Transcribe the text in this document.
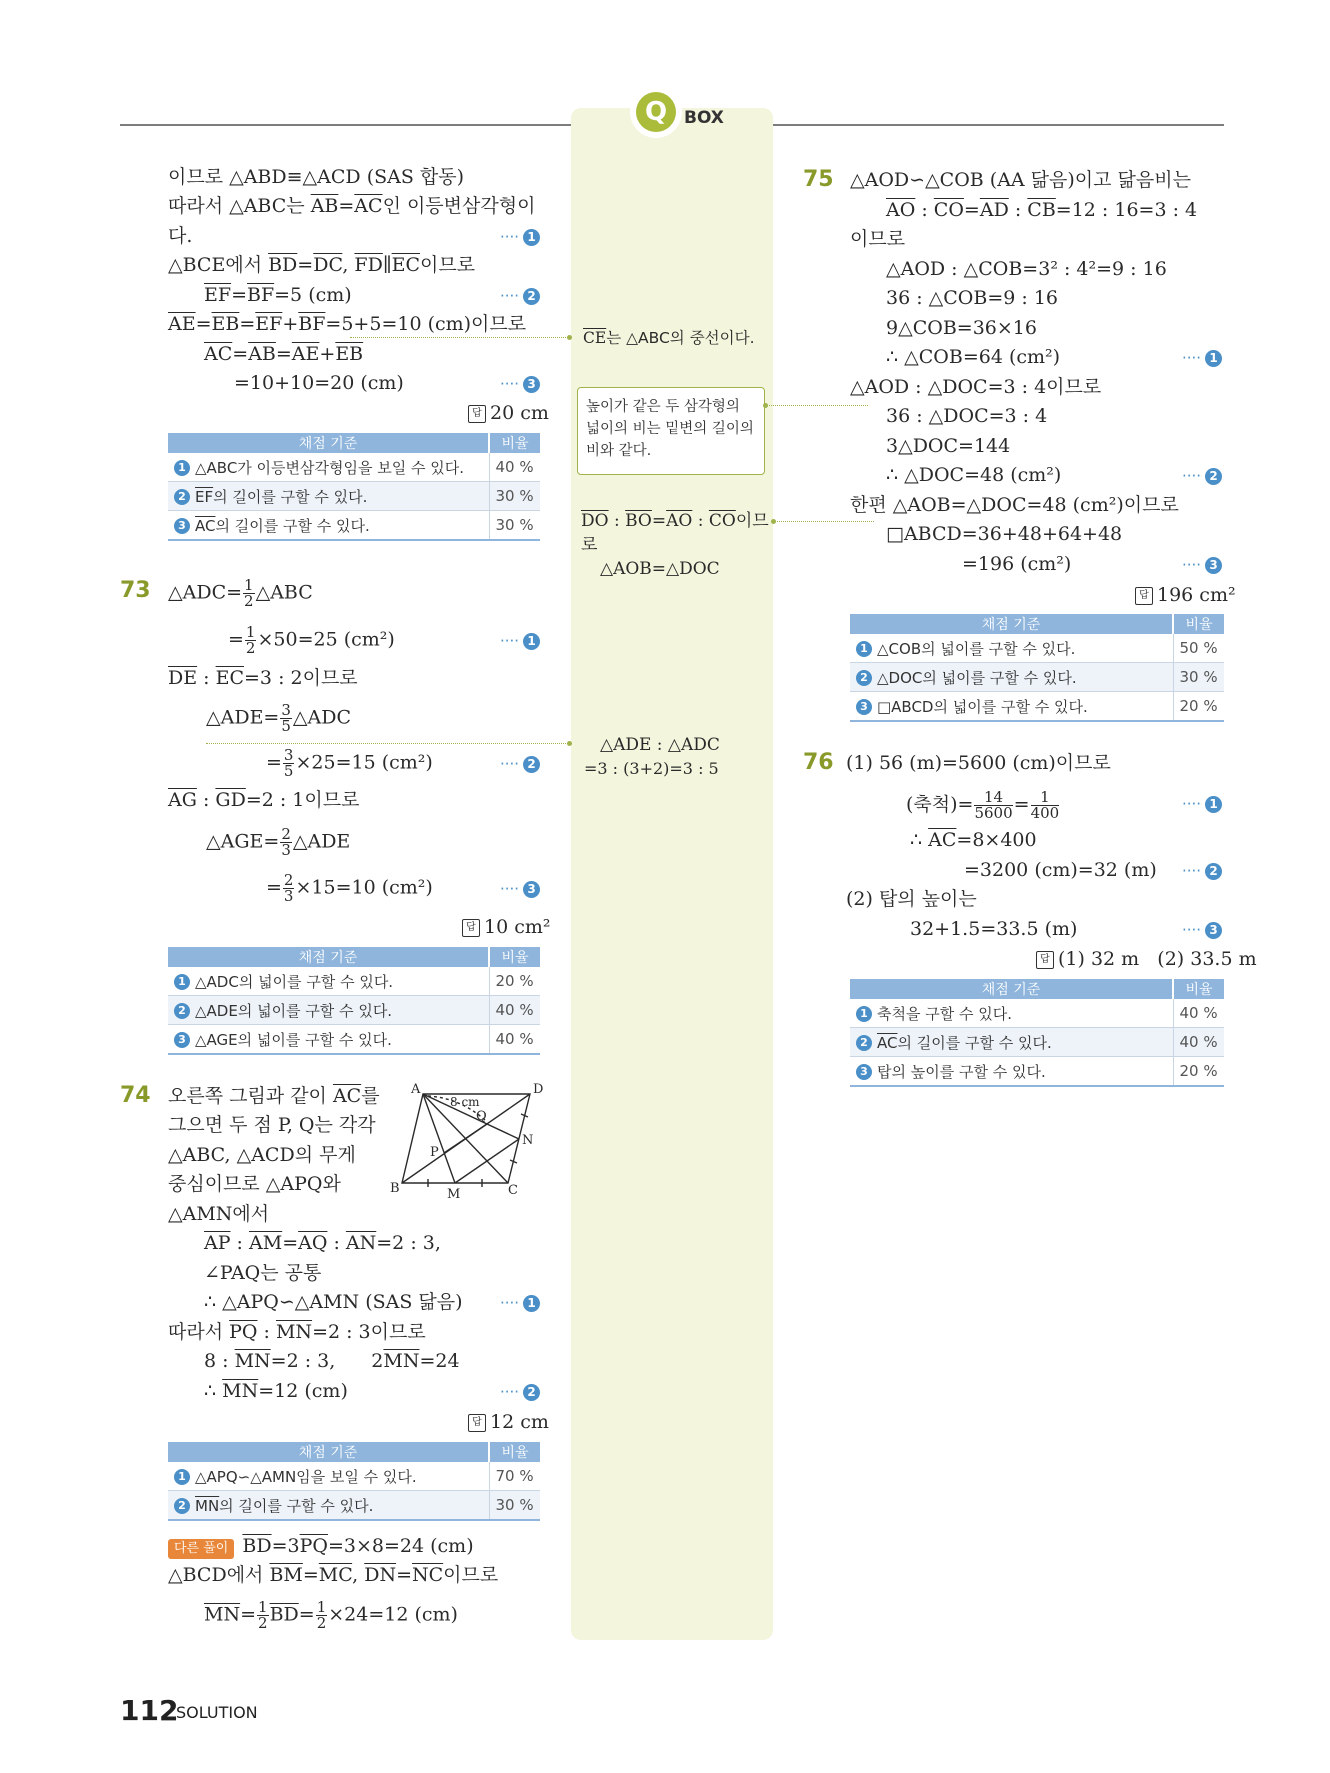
Q BOX
이므로 △ABD≡△ACD (SAS 합동)
따라서 △ABC는 $\overline{AB}=\overline{AC}$인 이등변삼각형이
다.
△BCE에서 $\overline{BD}=\overline{DC}$, $\overline{FD}\parallel\overline{EC}$이므로
$\overline{EF}=\overline{BF}=5$ (cm)
$\overline{AE}=\overline{EB}=\overline{EF}+\overline{BF}=5+5=10$ (cm)이므로
$\overline{AC}=\overline{AB}=\overline{AE}+\overline{EB}$
=10+10=20 (cm)
···· 1
···· 2
···· 3
답 20 cm
채점 기준	비율
1 △ABC가 이등변삼각형임을 보일 수 있다.	40 %
2 $\overline{EF}$의 길이를 구할 수 있다.	30 %
3 $\overline{AC}$의 길이를 구할 수 있다.	30 %
73 △ADC= $\frac{1}{2}$ △ABC
= $\frac{1}{2} \times 50=25$ (cm²)
$\overline{DE}$ : $\overline{EC}=3$ : 2이므로
△ADE= $\frac{3}{5}$ △ADC
= $\frac{3}{5} \times 25=15$ (cm²)
$\overline{AG}$ : $\overline{GD}=2$ : 1이므로
△AGE= $\frac{2}{3}$ △ADE
= $\frac{2}{3} \times 15=10$ (cm²)
···· 1
···· 2
···· 3
답 10 cm²
채점 기준	비율
1 △ADC의 넓이를 구할 수 있다.	20 %
2 △ADE의 넓이를 구할 수 있다.	40 %
3 △AGE의 넓이를 구할 수 있다.	40 %
74 오른쪽 그림과 같이 $\overline{AC}$를
그으면 두 점 P, Q는 각각
△ABC, △ACD의 무게
중심이므로 △APQ와
△AMN에서
$\overline{AP}$ : $\overline{AM}=\overline{AQ}$ : $\overline{AN}=2$ : 3,
∠PAQ는 공통
∴ △APQ∽△AMN (SAS 닮음)
따라서 $\overline{PQ}$ : $\overline{MN}=2$ : 3이므로
8 : $\overline{MN}=2$ : 3, $2\overline{MN}=24$
∴ $\overline{MN}=12$ (cm)
A	D
B	C
P
Q
M
N
8 cm
···· 1
···· 2
답 12 cm
채점 기준	비율
1 △APQ∽△AMN임을 보일 수 있다.	70 %
2 $\overline{MN}$의 길이를 구할 수 있다.	30 %
다른 풀이 $\overline{BD}=3\overline{PQ}=3\times 8=24$ (cm)
△BCD에서 $\overline{BM}=\overline{MC}$, $\overline{DN}=\overline{NC}$이므로
$\overline{MN}= \frac{1}{2} \overline{BD}= \frac{1}{2} \times 24=12$ (cm)
$\overline{CE}$는 △ABC의 중선이다.
높이가 같은 두 삼각형의 넓이의 비는 밑변의 길이의 비와 같다.
$\overline{DO}$ : $\overline{BO}=\overline{AO}$ : $\overline{CO}$이므
로
△AOB=△DOC
△ADE : △ADC
=3 : (3+2)=3 : 5
75 △AOD∽△COB (AA 닮음)이고 닮음비는
$\overline{AO}$ : $\overline{CO}=\overline{AD}$ : $\overline{CB}=12$ : 16=3 : 4
이므로
△AOD : △COB=3² : 4²=9 : 16
36 : △COB=9 : 16
9△COB=36×16
∴ △COB=64 (cm²)
△AOD : △DOC=3 : 4이므로
36 : △DOC=3 : 4
3△DOC=144
∴ △DOC=48 (cm²)
한편 △AOB=△DOC=48 (cm²)이므로
□ABCD=36+48+64+48
=196 (cm²)
···· 1
···· 2
···· 3
답 196 cm²
채점 기준	비율
1 △COB의 넓이를 구할 수 있다.	50 %
2 △DOC의 넓이를 구할 수 있다.	30 %
3 □ABCD의 넓이를 구할 수 있다.	20 %
76 (1) 56 (m)=5600 (cm)이므로
(축척)= $\frac{14}{5600} = \frac{1}{400}$
∴ $\overline{AC}=8\times 400$
=3200 (cm)=32 (m)
(2) 탑의 높이는
32+1.5=33.5 (m)
···· 1
···· 2
···· 3
답 (1) 32 m   (2) 33.5 m
채점 기준	비율
1 축척을 구할 수 있다.	40 %
2 $\overline{AC}$의 길이를 구할 수 있다.	40 %
3 탑의 높이를 구할 수 있다.	20 %
112
SOLUTION
